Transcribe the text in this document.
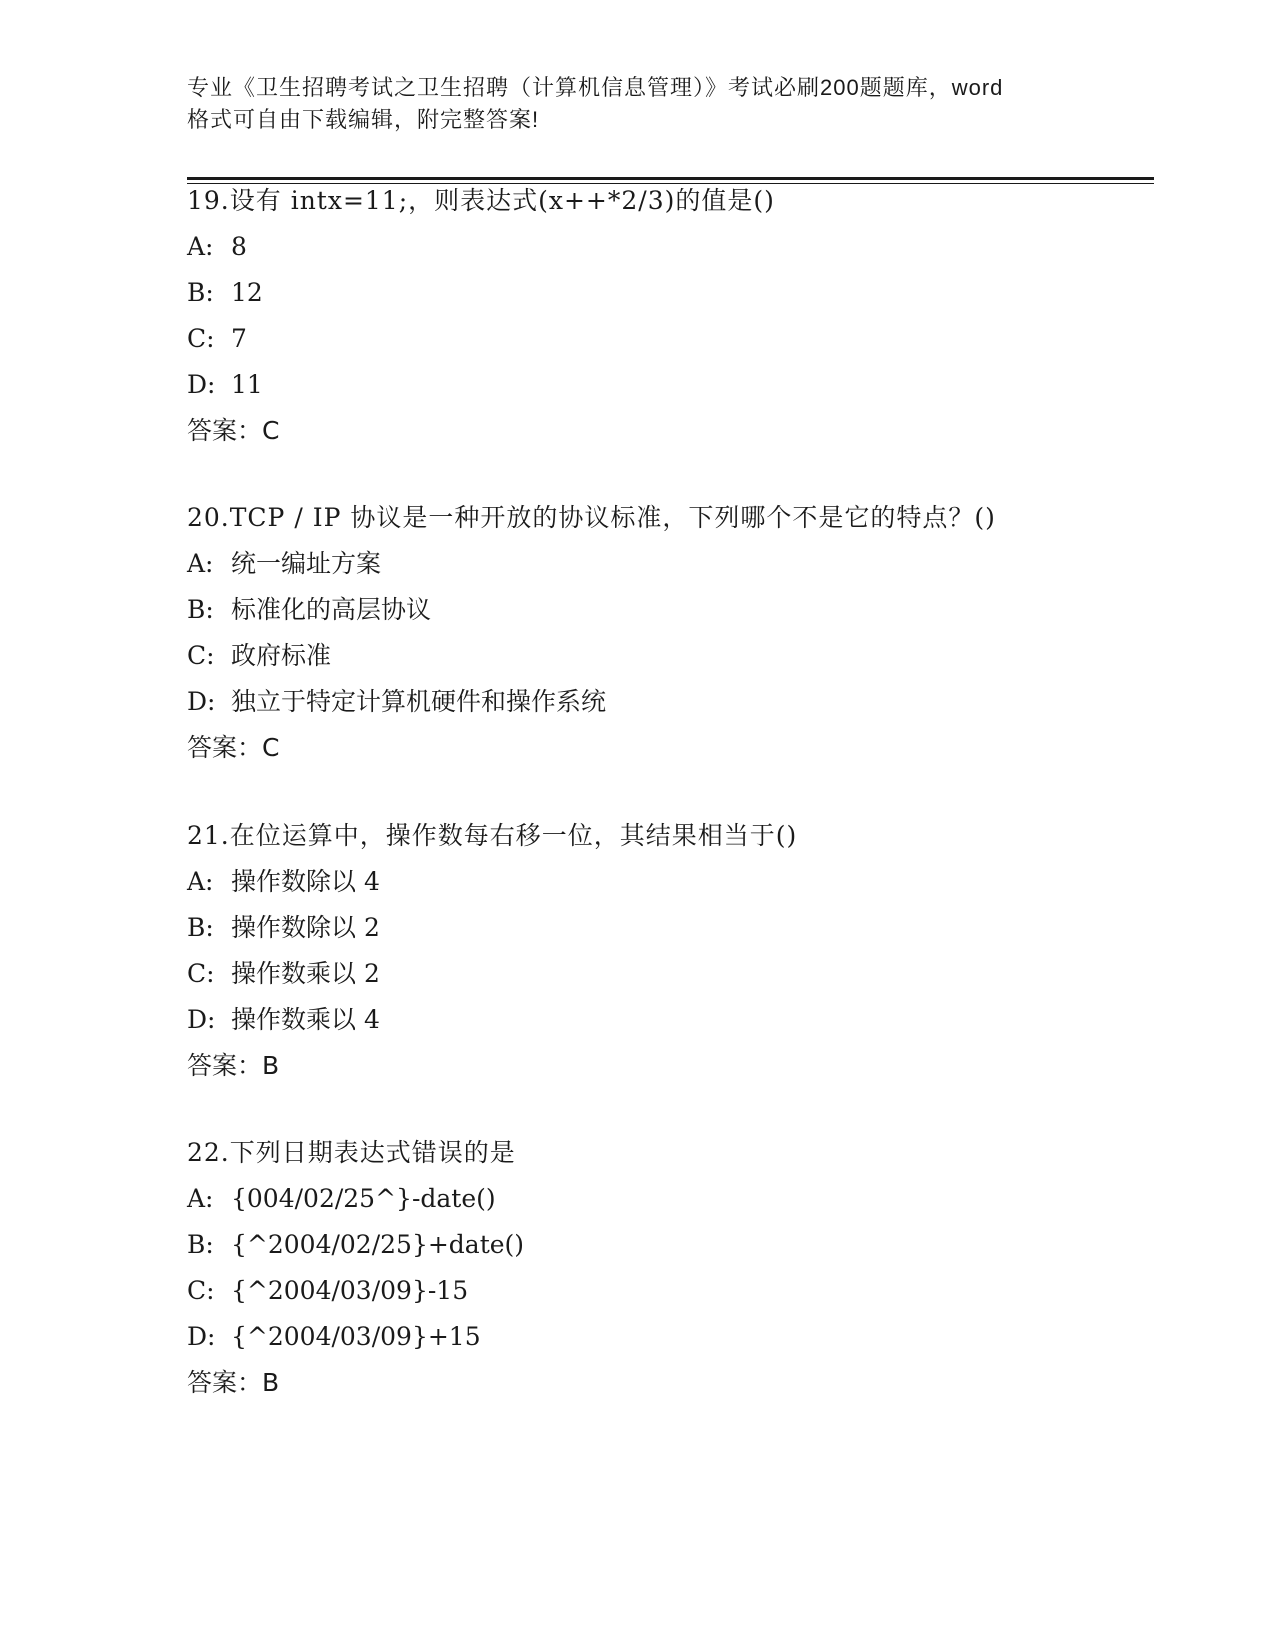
专业《卫生招聘考试之卫生招聘（计算机信息管理）》考试必刷200题题库，word
格式可自由下载编辑，附完整答案!
19.设有 intx=11;，则表达式(x++*2/3)的值是()
A: 8
B: 12
C: 7
D: 11
答案：C
20.TCP / IP 协议是一种开放的协议标准，下列哪个不是它的特点？()
A: 统一编址方案
B: 标准化的高层协议
C: 政府标准
D: 独立于特定计算机硬件和操作系统
答案：C
21.在位运算中，操作数每右移一位，其结果相当于()
A: 操作数除以 4
B: 操作数除以 2
C: 操作数乘以 2
D: 操作数乘以 4
答案：B
22.下列日期表达式错误的是
A: {004/02/25^}-date()
B: {^2004/02/25}+date()
C: {^2004/03/09}-15
D: {^2004/03/09}+15
答案：B
